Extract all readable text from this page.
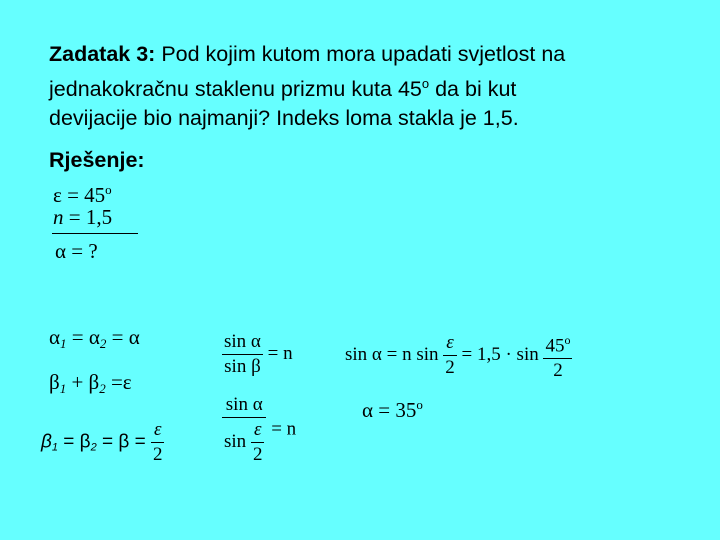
Zadatak 3: Pod kojim kutom mora upadati svjetlost na
jednakokračnu staklenu prizmu kuta 45$^o$ da bi kut
devijacije bio najmanji? Indeks loma stakla je 1,5.
Rješenje:
$\varepsilon = 45^o$
n = 1,5
α = ?
$\alpha_1 = \alpha_2 = \alpha$
$\beta_1 + \beta_2 =\varepsilon$
$\beta_1 = \beta_2 = \beta = \frac{\varepsilon}{2}$
$\frac{\text{sin α}}{\text{sin β}} = n$
$\frac{\text{sin α}}{\sin \frac{\varepsilon}{2}} = n$
sin α = n $\sin \frac{\varepsilon}{2} = 1,5 \cdot \sin \frac{45^o}{2}$
$\alpha = 35^o$
